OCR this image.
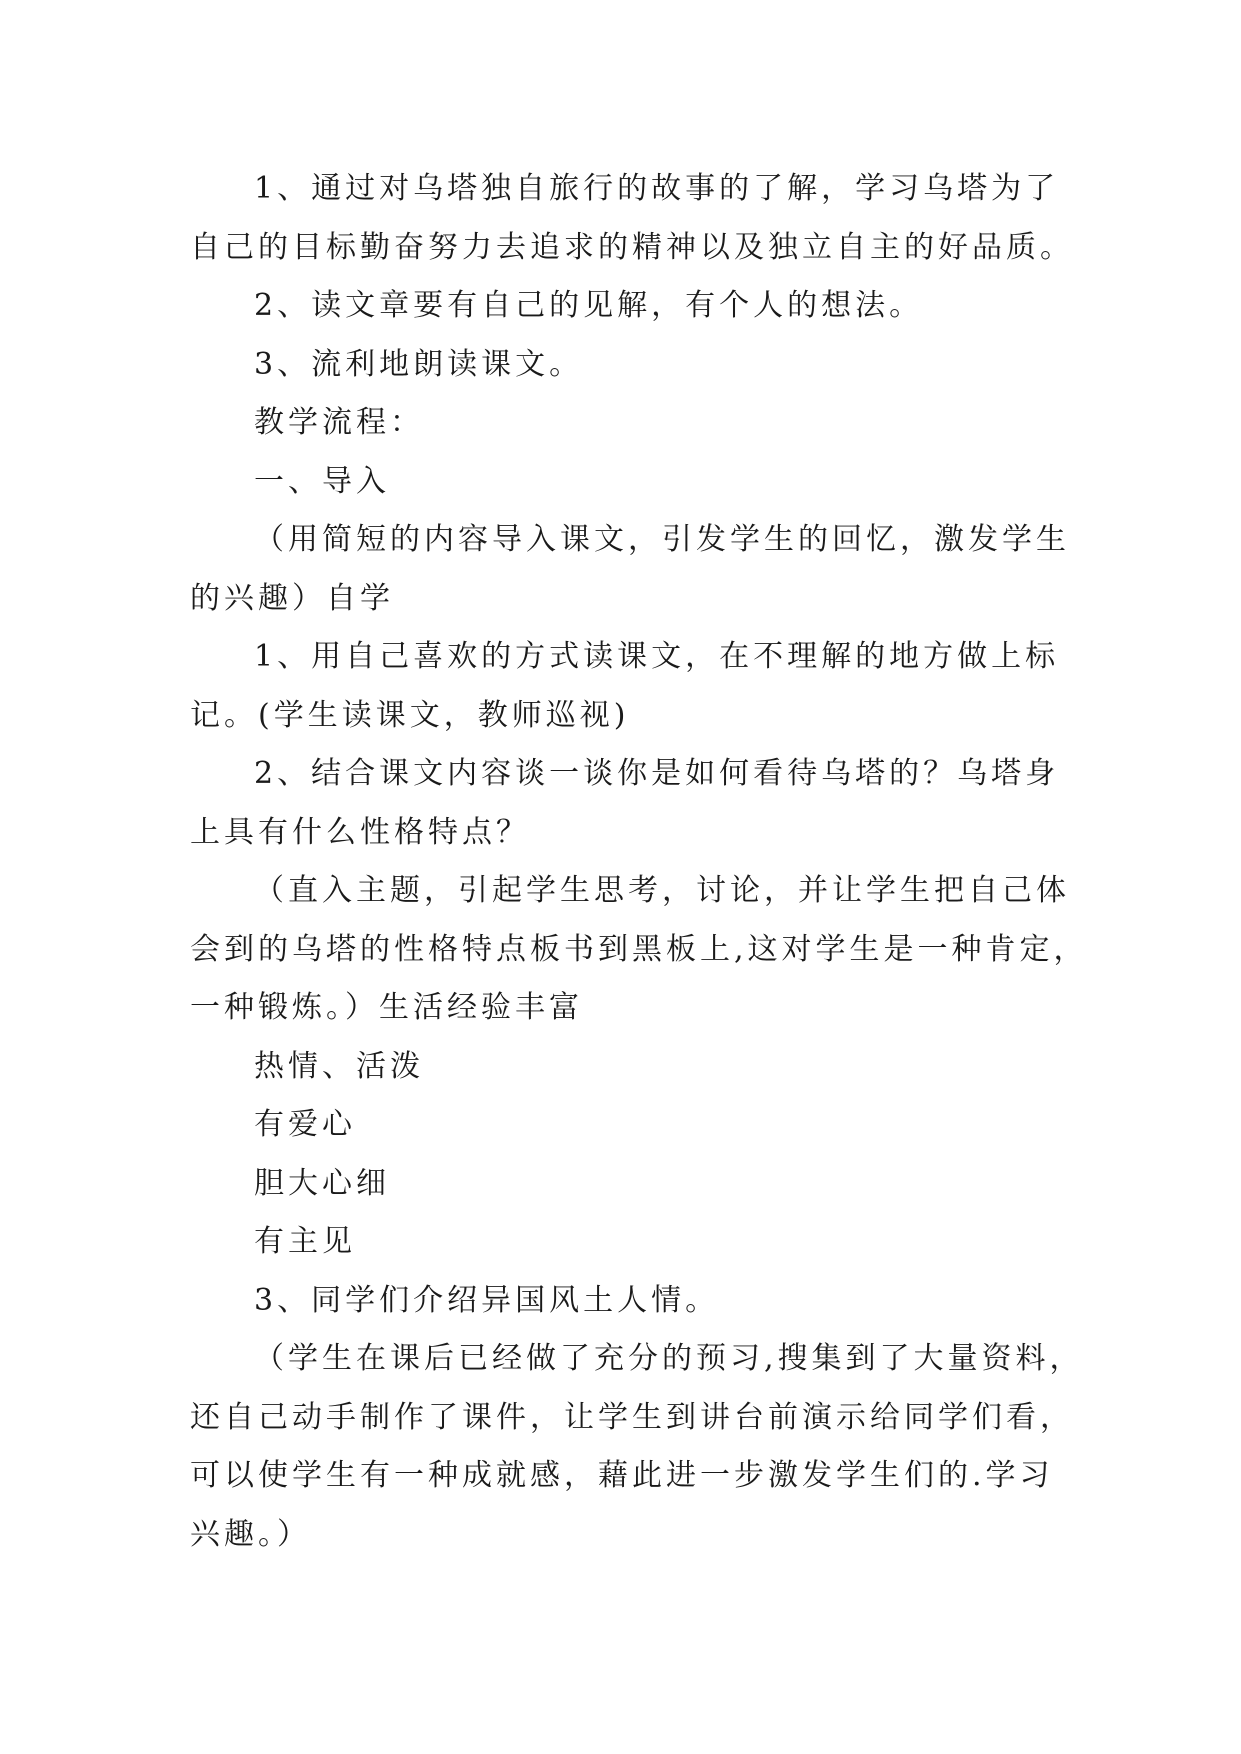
1、通过对乌塔独自旅行的故事的了解，学习乌塔为了
自己的目标勤奋努力去追求的精神以及独立自主的好品质。

2、读文章要有自己的见解，有个人的想法。

3、流利地朗读课文。

教学流程：

一、导入

（用简短的内容导入课文，引发学生的回忆，激发学生
的兴趣）自学

1、用自己喜欢的方式读课文，在不理解的地方做上标
记。(学生读课文，教师巡视)

2、结合课文内容谈一谈你是如何看待乌塔的？乌塔身
上具有什么性格特点？

（直入主题，引起学生思考，讨论，并让学生把自己体
会到的乌塔的性格特点板书到黑板上,这对学生是一种肯定，
一种锻炼。）生活经验丰富

热情、活泼

有爱心

胆大心细

有主见

3、同学们介绍异国风土人情。

（学生在课后已经做了充分的预习,搜集到了大量资料，
还自己动手制作了课件，让学生到讲台前演示给同学们看，
可以使学生有一种成就感，藉此进一步激发学生们的.学习
兴趣。）
